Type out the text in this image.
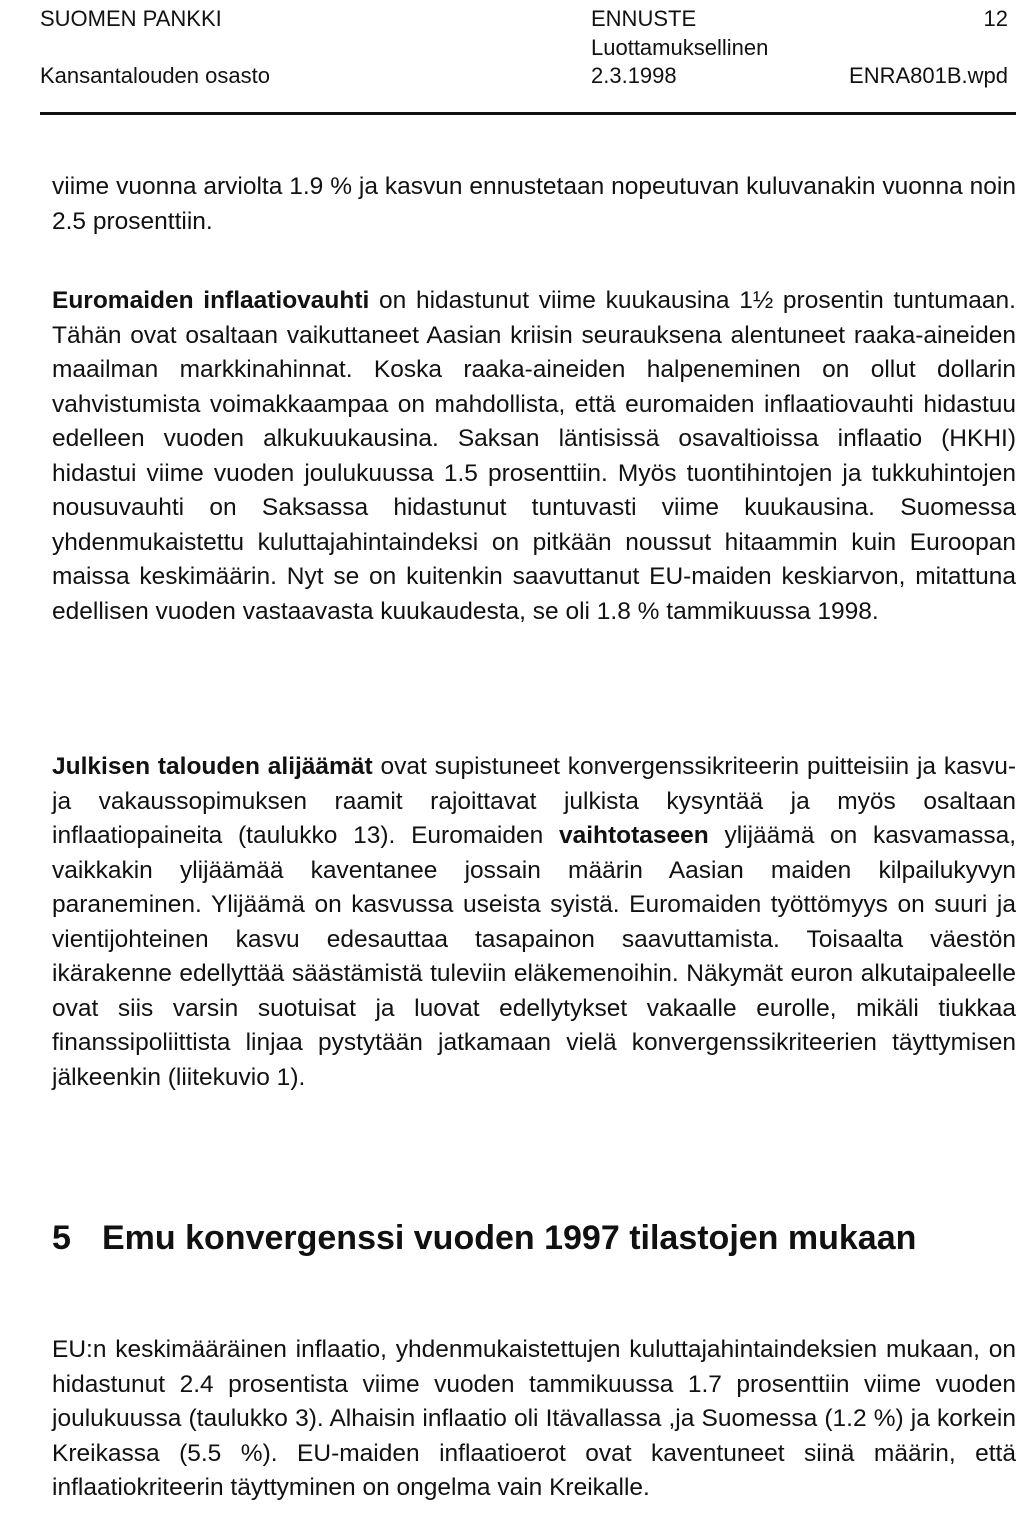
SUOMEN PANKKI
Kansantalouden osasto
ENNUSTE
Luottamuksellinen
2.3.1998
12
ENRA801B.wpd

viime vuonna arviolta 1.9 % ja kasvun ennustetaan nopeutuvan kuluvanakin vuonna noin 2.5 prosenttiin.

Euromaiden inflaatiovauhti on hidastunut viime kuukausina 1½ prosentin tuntumaan. Tähän ovat osaltaan vaikuttaneet Aasian kriisin seurauksena alentuneet raaka-aineiden maailman markkinahinnat. Koska raaka-aineiden halpeneminen on ollut dollarin vahvistumista voimakkaampaa on mahdollista, että euromaiden inflaatiovauhti hidastuu edelleen vuoden alkukuukausina. Saksan läntisissä osavaltioissa inflaatio (HKHI) hidastui viime vuoden joulukuussa 1.5 prosenttiin. Myös tuontihintojen ja tukkuhintojen nousuvauhti on Saksassa hidastunut tuntuvasti viime kuukausina. Suomessa yhdenmukaistettu kuluttajahintaindeksi on pitkään noussut hitaammin kuin Euroopan maissa keskimäärin. Nyt se on kuitenkin saavuttanut EU-maiden keskiarvon, mitattuna edellisen vuoden vastaavasta kuukaudesta, se oli 1.8 % tammikuussa 1998.

Julkisen talouden alijäämät ovat supistuneet konvergenssikriteerin puitteisiin ja kasvu- ja vakaussopimuksen raamit rajoittavat julkista kysyntää ja myös osaltaan inflaatiopaineita (taulukko 13). Euromaiden vaihtotaseen ylijäämä on kasvamassa, vaikkakin ylijäämää kaventanee jossain määrin Aasian maiden kilpailukyvyn paraneminen. Ylijäämä on kasvussa useista syistä. Euromaiden työttömyys on suuri ja vientijohteinen kasvu edesauttaa tasapainon saavuttamista. Toisaalta väestön ikärakenne edellyttää säästämistä tuleviin eläkemenoihin. Näkymät euron alkutaipaleelle ovat siis varsin suotuisat ja luovat edellytykset vakaalle eurolle, mikäli tiukkaa finanssipoliittista linjaa pystytään jatkamaan vielä konvergenssikriteerien täyttymisen jälkeenkin (liitekuvio 1).

5 Emu konvergenssi vuoden 1997 tilastojen mukaan

EU:n keskimääräinen inflaatio, yhdenmukaistettujen kuluttajahintaindeksien mukaan, on hidastunut 2.4 prosentista viime vuoden tammikuussa 1.7 prosenttiin viime vuoden joulukuussa (taulukko 3). Alhaisin inflaatio oli Itävallassa ,ja Suomessa (1.2 %) ja korkein Kreikassa (5.5 %). EU-maiden inflaatioerot ovat kaventuneet siinä määrin, että inflaatiokriteerin täyttyminen on ongelma vain Kreikalle.
